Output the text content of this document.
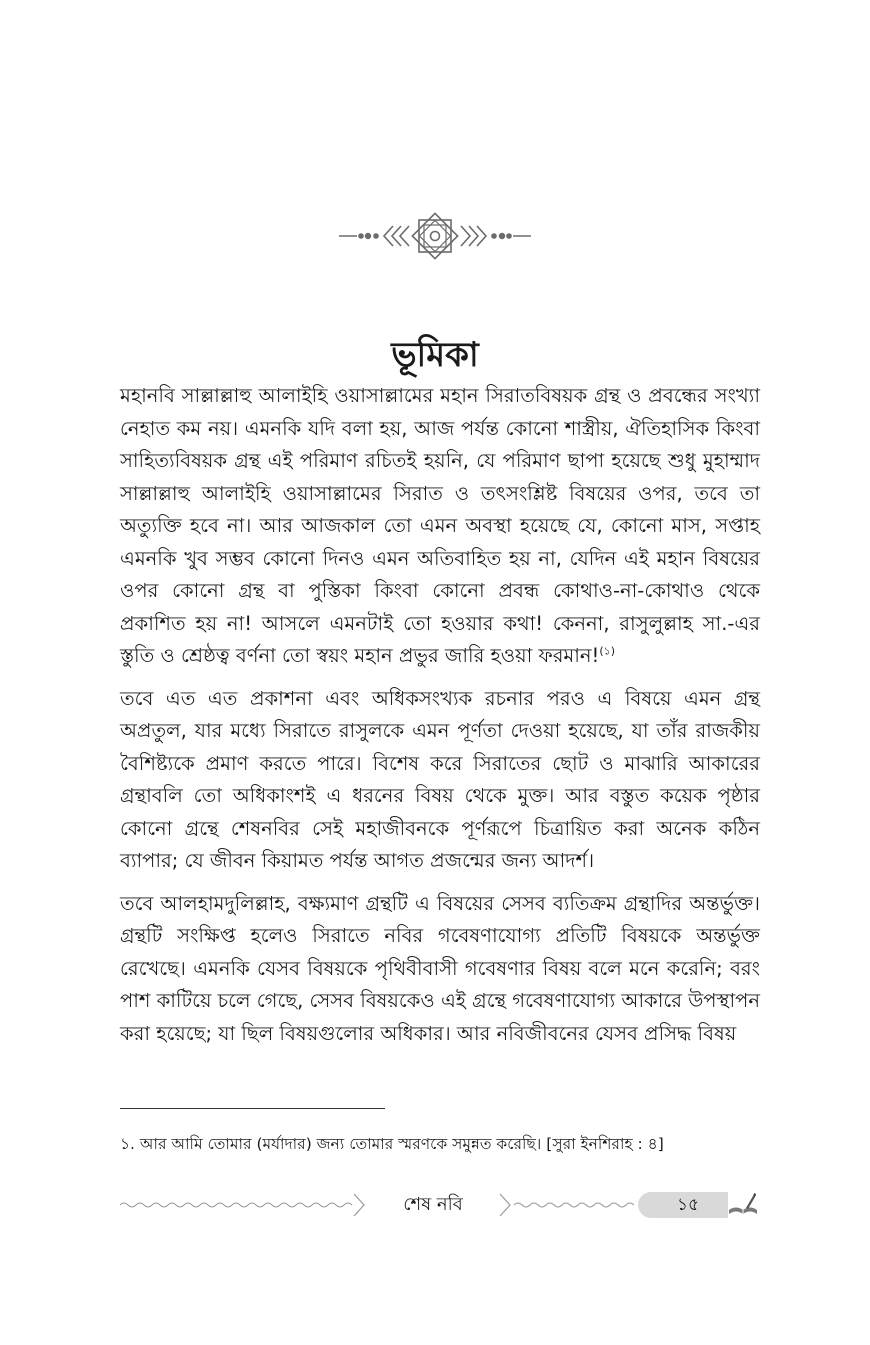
ভূমিকা

মহানবি সাল্লাল্লাহু আলাইহি ওয়াসাল্লামের মহান সিরাতবিষয়ক গ্রন্থ ও প্রবন্ধের সংখ্যা নেহাত কম নয়। এমনকি যদি বলা হয়, আজ পর্যন্ত কোনো শাস্ত্রীয়, ঐতিহাসিক কিংবা সাহিত্যবিষয়ক গ্রন্থ এই পরিমাণ রচিতই হয়নি, যে পরিমাণ ছাপা হয়েছে শুধু মুহাম্মাদ সাল্লাল্লাহু আলাইহি ওয়াসাল্লামের সিরাত ও তৎসংশ্লিষ্ট বিষয়ের ওপর, তবে তা অত্যুক্তি হবে না। আর আজকাল তো এমন অবস্থা হয়েছে যে, কোনো মাস, সপ্তাহ এমনকি খুব সম্ভব কোনো দিনও এমন অতিবাহিত হয় না, যেদিন এই মহান বিষয়ের ওপর কোনো গ্রন্থ বা পুস্তিকা কিংবা কোনো প্রবন্ধ কোথাও-না-কোথাও থেকে প্রকাশিত হয় না! আসলে এমনটাই তো হওয়ার কথা! কেননা, রাসুলুল্লাহ সা.-এর স্তুতি ও শ্রেষ্ঠত্ব বর্ণনা তো স্বয়ং মহান প্রভুর জারি হওয়া ফরমান!$^{(১)}$

তবে এত এত প্রকাশনা এবং অধিকসংখ্যক রচনার পরও এ বিষয়ে এমন গ্রন্থ অপ্রতুল, যার মধ্যে সিরাতে রাসুলকে এমন পূর্ণতা দেওয়া হয়েছে, যা তাঁর রাজকীয় বৈশিষ্ট্যকে প্রমাণ করতে পারে। বিশেষ করে সিরাতের ছোট ও মাঝারি আকারের গ্রন্থাবলি তো অধিকাংশই এ ধরনের বিষয় থেকে মুক্ত। আর বস্তুত কয়েক পৃষ্ঠার কোনো গ্রন্থে শেষনবির সেই মহাজীবনকে পূর্ণরূপে চিত্রায়িত করা অনেক কঠিন ব্যাপার; যে জীবন কিয়ামত পর্যন্ত আগত প্রজন্মের জন্য আদর্শ।

তবে আলহামদুলিল্লাহ, বক্ষ্যমাণ গ্রন্থটি এ বিষয়ের সেসব ব্যতিক্রম গ্রন্থাদির অন্তর্ভুক্ত। গ্রন্থটি সংক্ষিপ্ত হলেও সিরাতে নবির গবেষণাযোগ্য প্রতিটি বিষয়কে অন্তর্ভুক্ত রেখেছে। এমনকি যেসব বিষয়কে পৃথিবীবাসী গবেষণার বিষয় বলে মনে করেনি; বরং পাশ কাটিয়ে চলে গেছে, সেসব বিষয়কেও এই গ্রন্থে গবেষণাযোগ্য আকারে উপস্থাপন করা হয়েছে; যা ছিল বিষয়গুলোর অধিকার। আর নবিজীবনের যেসব প্রসিদ্ধ বিষয়

১. আর আমি তোমার (মর্যাদার) জন্য তোমার স্মরণকে সমুন্নত করেছি। [সুরা ইনশিরাহ : ৪]

শেষ নবি	১৫
